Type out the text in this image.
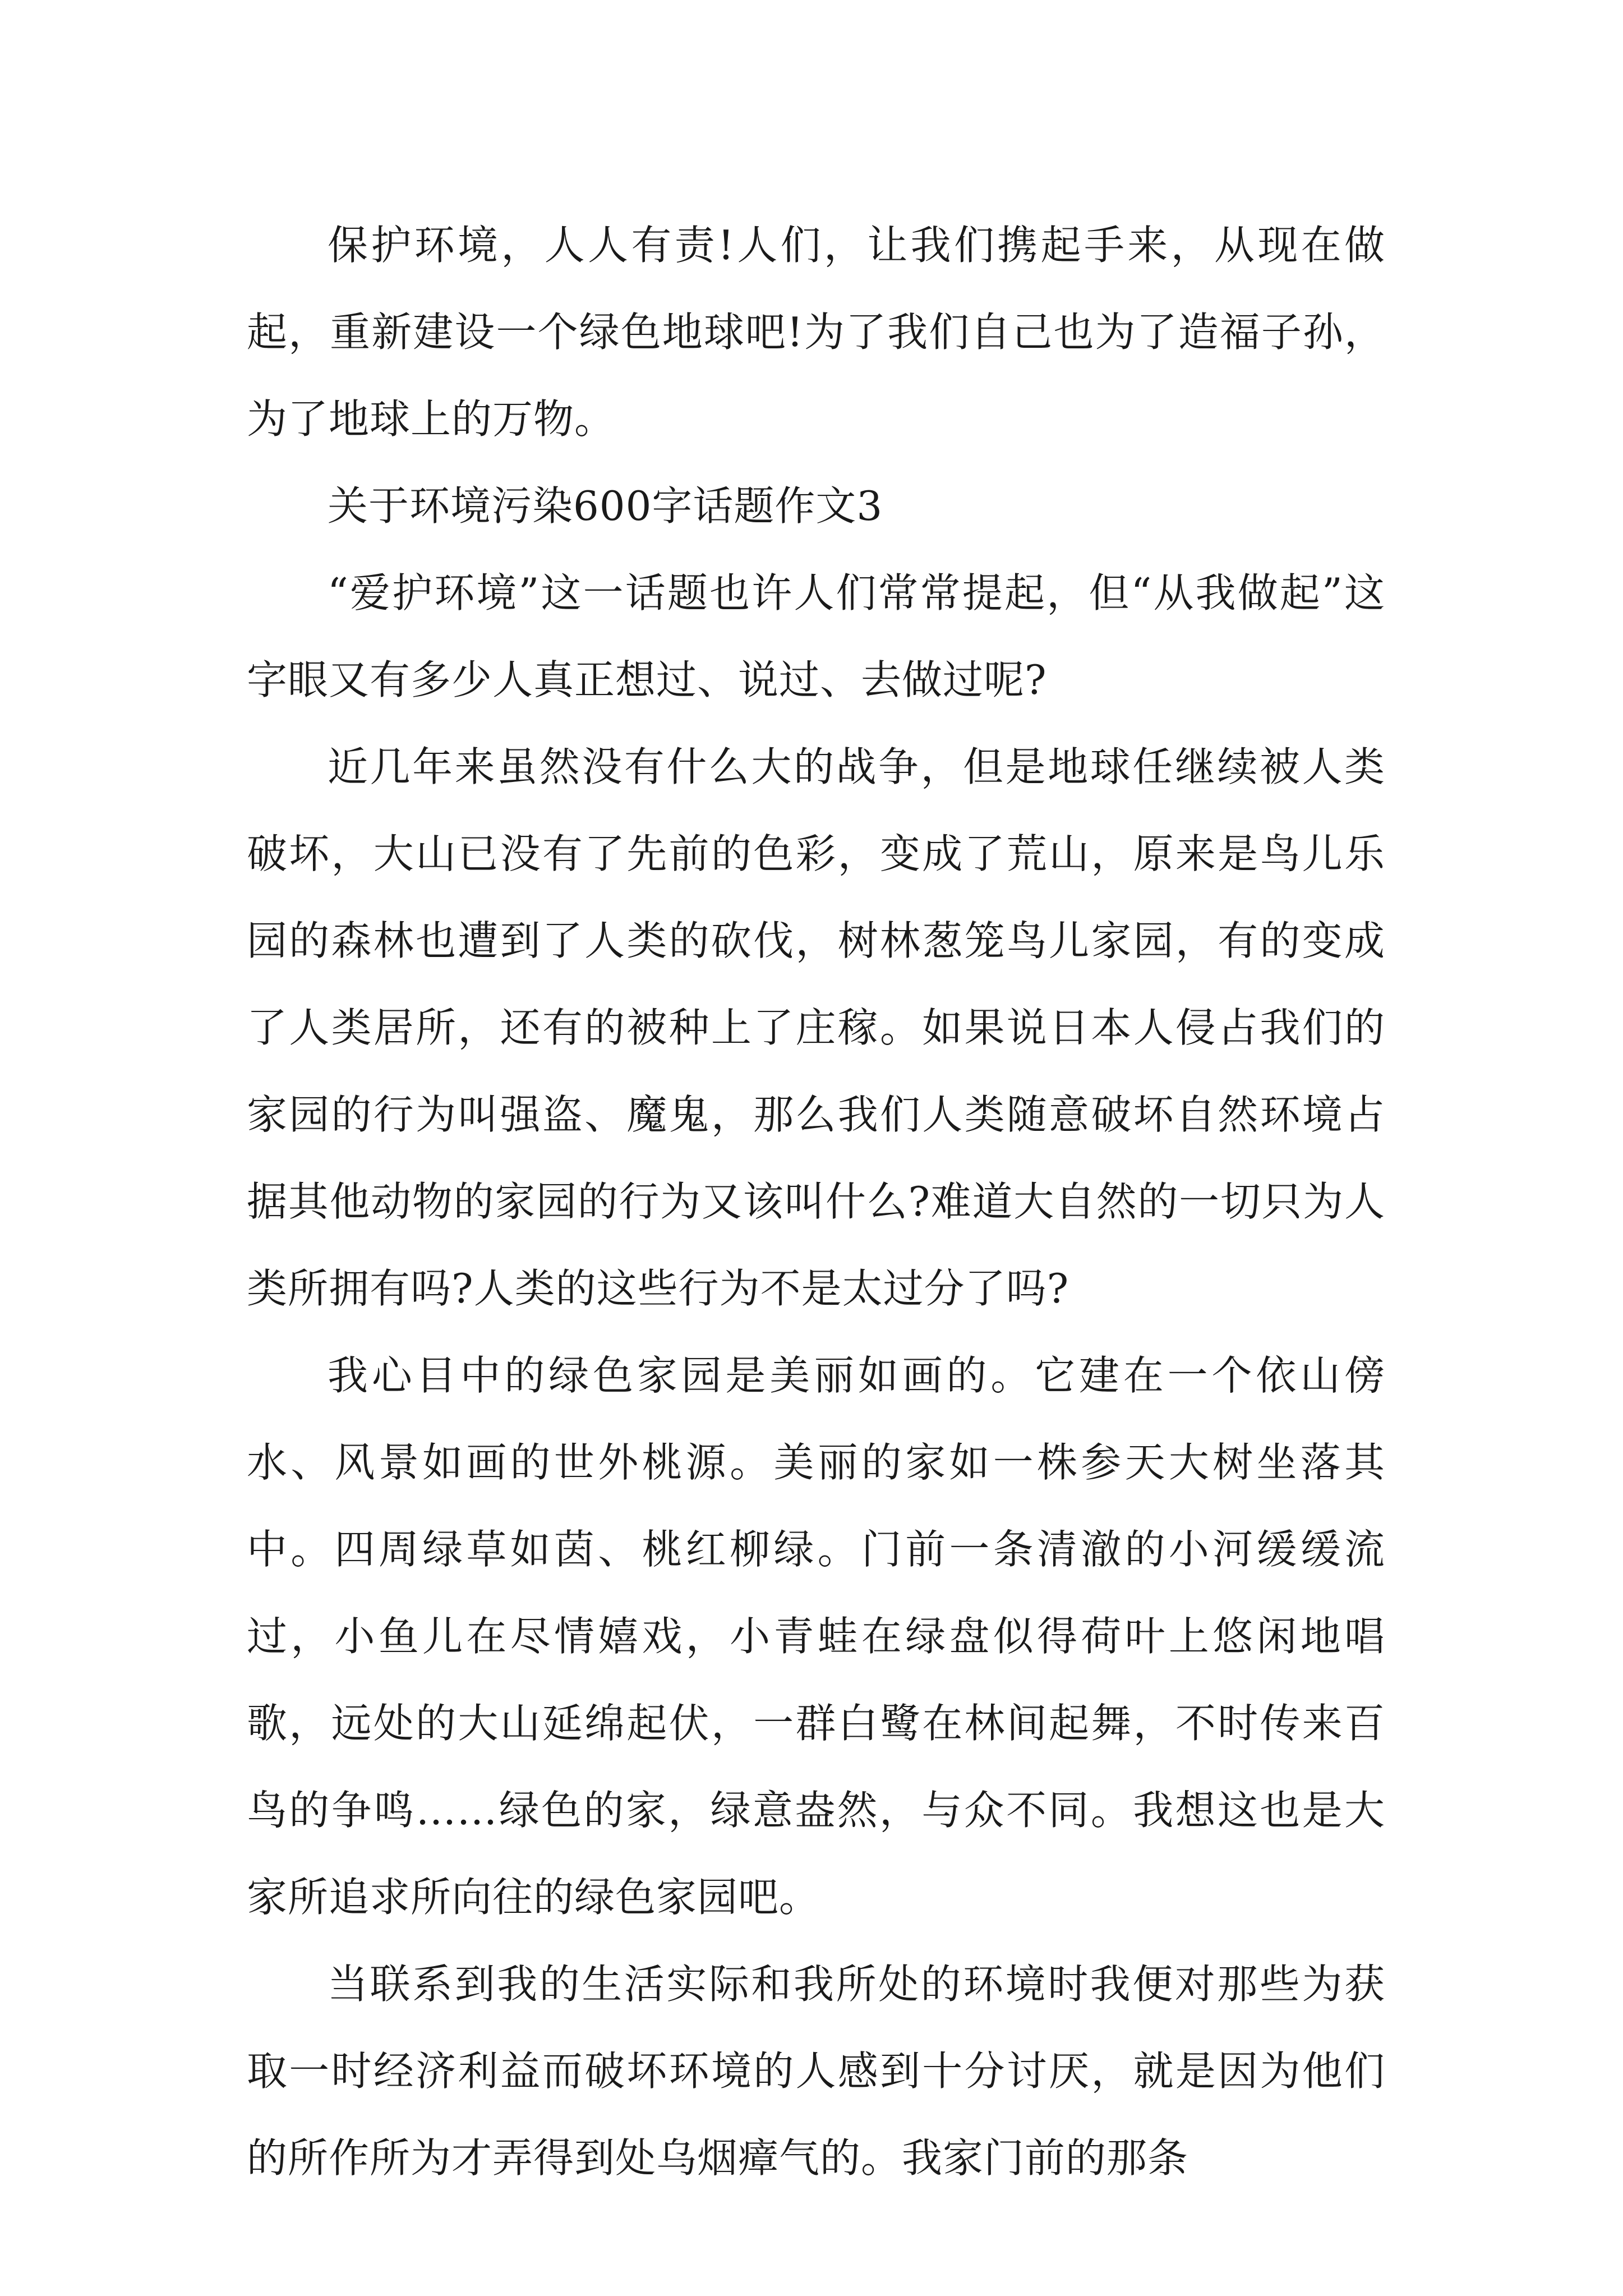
保护环境，人人有责!人们，让我们携起手来，从现在做起，重新建设一个绿色地球吧!为了我们自己也为了造福子孙，为了地球上的万物。

关于环境污染600字话题作文3

“爱护环境”这一话题也许人们常常提起，但“从我做起”这字眼又有多少人真正想过、说过、去做过呢?

近几年来虽然没有什么大的战争，但是地球任继续被人类破坏，大山已没有了先前的色彩，变成了荒山，原来是鸟儿乐园的森林也遭到了人类的砍伐，树林葱笼鸟儿家园，有的变成了人类居所，还有的被种上了庄稼。如果说日本人侵占我们的家园的行为叫强盗、魔鬼，那么我们人类随意破坏自然环境占据其他动物的家园的行为又该叫什么?难道大自然的一切只为人类所拥有吗?人类的这些行为不是太过分了吗?

我心目中的绿色家园是美丽如画的。它建在一个依山傍水、风景如画的世外桃源。美丽的家如一株参天大树坐落其中。四周绿草如茵、桃红柳绿。门前一条清澈的小河缓缓流过，小鱼儿在尽情嬉戏，小青蛙在绿盘似得荷叶上悠闲地唱歌，远处的大山延绵起伏，一群白鹭在林间起舞，不时传来百鸟的争鸣……绿色的家，绿意盎然，与众不同。我想这也是大家所追求所向往的绿色家园吧。

当联系到我的生活实际和我所处的环境时我便对那些为获取一时经济利益而破坏环境的人感到十分讨厌，就是因为他们的所作所为才弄得到处乌烟瘴气的。我家门前的那条
